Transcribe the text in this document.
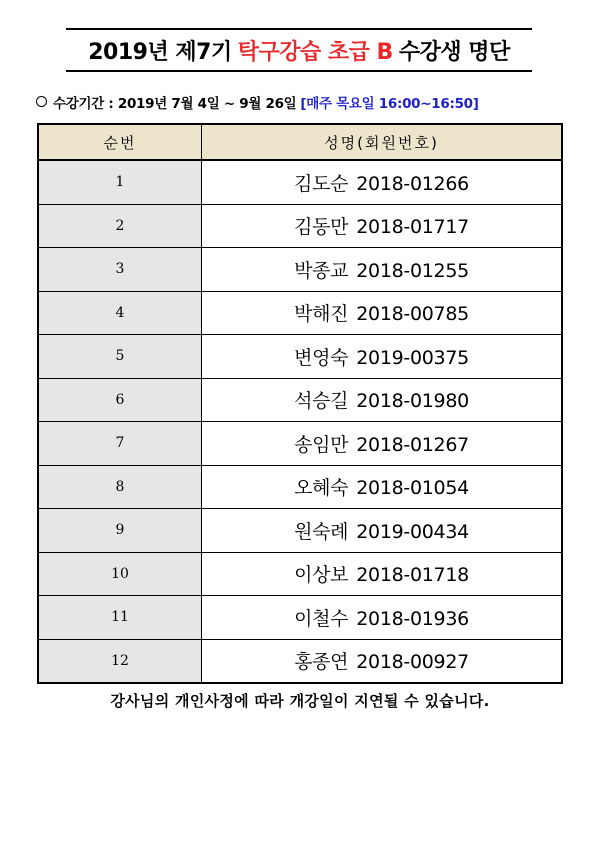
2019년 제7기 탁구강습 초급 B 수강생 명단
수강기간 : 2019년 7월 4일 ~ 9월 26일 [매주 목요일 16:00~16:50]
순번	성명(회원번호)
1	김도순 2018-01266
2	김동만 2018-01717
3	박종교 2018-01255
4	박해진 2018-00785
5	변영숙 2019-00375
6	석승길 2018-01980
7	송임만 2018-01267
8	오혜숙 2018-01054
9	원숙례 2019-00434
10	이상보 2018-01718
11	이철수 2018-01936
12	홍종연 2018-00927
강사님의 개인사정에 따라 개강일이 지연될 수 있습니다.
